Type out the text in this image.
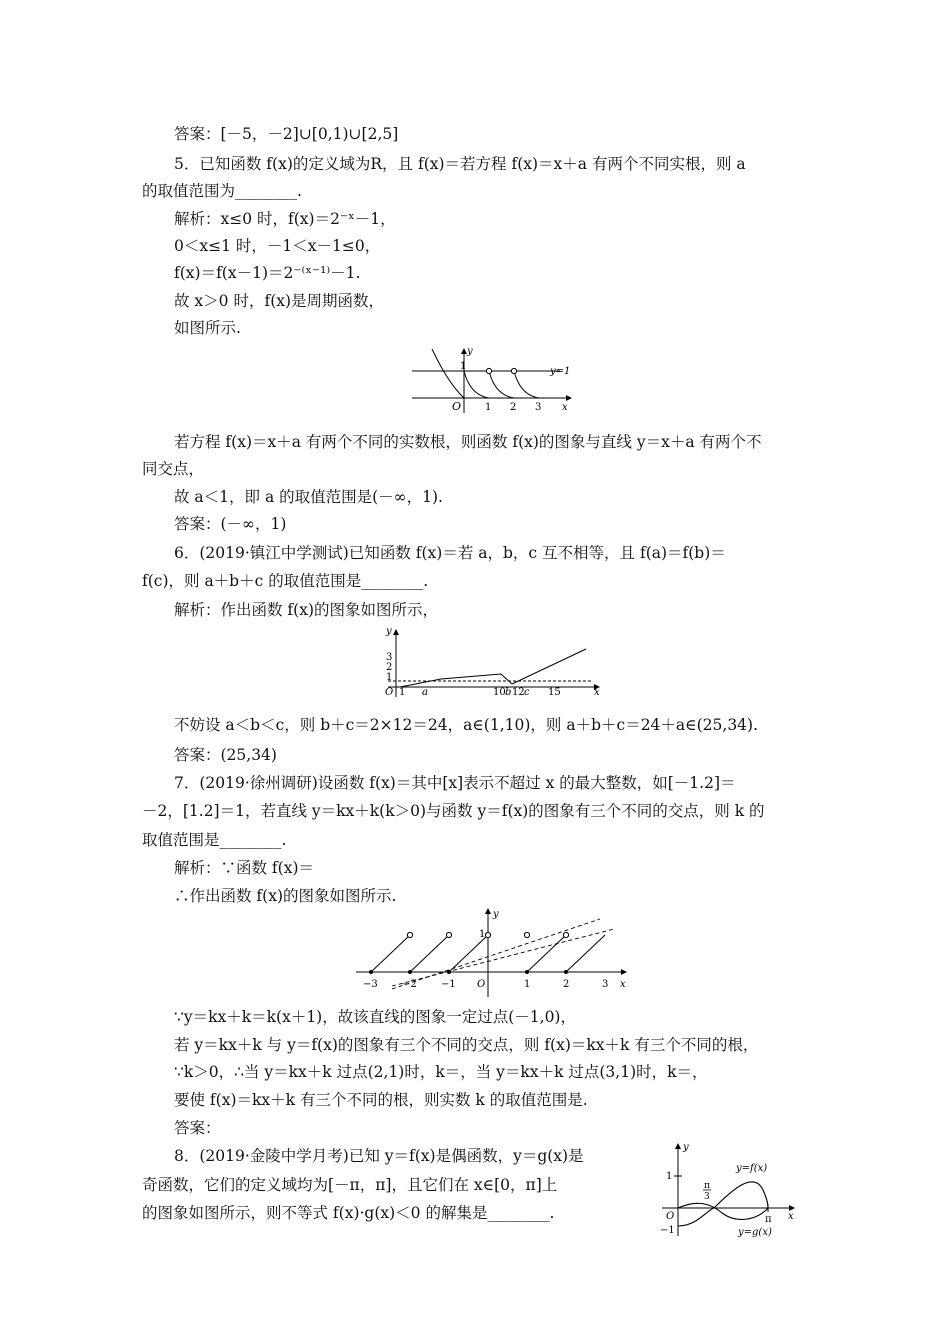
答案：[－5，－2]∪[0,1)∪[2,5]
5．已知函数 f(x)的定义域为R，且 f(x)＝若方程 f(x)＝x＋a 有两个不同实根，则 a
的取值范围为________.
解析：x≤0 时，f(x)＝2⁻ˣ－1，
0＜x≤1 时，－1＜x－1≤0，
f(x)＝f(x－1)＝2⁻⁽ˣ⁻¹⁾－1.
故 x＞0 时，f(x)是周期函数，
如图所示.
y
x
O
1
1 2 3
y=1
若方程 f(x)＝x＋a 有两个不同的实数根，则函数 f(x)的图象与直线 y＝x＋a 有两个不
同交点，
故 a＜1，即 a 的取值范围是(－∞，1).
答案：(－∞，1)
6．(2019·镇江中学测试)已知函数 f(x)＝若 a，b，c 互不相等，且 f(a)＝f(b)＝
f(c)，则 a＋b＋c 的取值范围是________.
解析：作出函数 f(x)的图象如图所示，
y
x
O
3
2
1
1 a	10 b 12 c 15
不妨设 a＜b＜c，则 b＋c＝2×12＝24，a∈(1,10)，则 a＋b＋c＝24＋a∈(25,34).
答案：(25,34)
7．(2019·徐州调研)设函数 f(x)＝其中[x]表示不超过 x 的最大整数，如[－1.2]＝
－2，[1.2]＝1，若直线 y＝kx＋k(k＞0)与函数 y＝f(x)的图象有三个不同的交点，则 k 的
取值范围是________.
解析：∵函数 f(x)＝
∴作出函数 f(x)的图象如图所示.
y
x
O
1
−3 −2 −1	1	2	3
∵y＝kx＋k＝k(x＋1)，故该直线的图象一定过点(－1,0)，
若 y＝kx＋k 与 y＝f(x)的图象有三个不同的交点，则 f(x)＝kx＋k 有三个不同的根，
∵k＞0，∴当 y＝kx＋k 过点(2,1)时，k＝，当 y＝kx＋k 过点(3,1)时，k＝，
要使 f(x)＝kx＋k 有三个不同的根，则实数 k 的取值范围是.
答案：
8．(2019·金陵中学月考)已知 y＝f(x)是偶函数，y＝g(x)是
奇函数，它们的定义域均为[－π，π]，且它们在 x∈[0，π]上
的图象如图所示，则不等式 f(x)·g(x)＜0 的解集是________.
y
x
O
1
−1
π
π
3
y=f(x)
y=g(x)
